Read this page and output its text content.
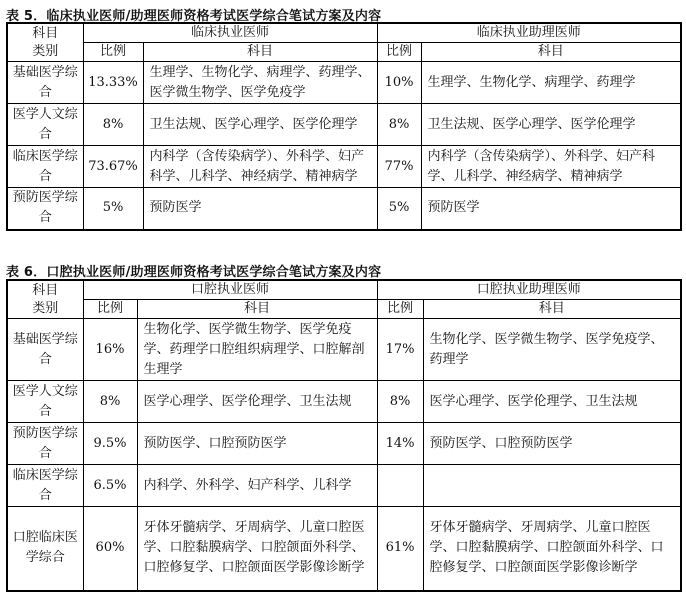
表 5．临床执业医师/助理医师资格考试医学综合笔试方案及内容
科目
类别	临床执业医师		临床执业助理医师	
	比例	科目	比例	科目
基础医学综合	13.33%	生理学、生物化学、病理学、药理学、医学微生物学、医学免疫学	10%	生理学、生物化学、病理学、药理学
医学人文综合	8%	卫生法规、医学心理学、医学伦理学	8%	卫生法规、医学心理学、医学伦理学
临床医学综合	73.67%	内科学（含传染病学）、外科学、妇产科学、儿科学、神经病学、精神病学	77%	内科学（含传染病学）、外科学、妇产科学、儿科学、神经病学、精神病学
预防医学综合	5%	预防医学	5%	预防医学
表 6．口腔执业医师/助理医师资格考试医学综合笔试方案及内容
科目
类别	口腔执业医师		口腔执业助理医师	
	比例	科目	比例	科目
基础医学综合	16%	生物化学、医学微生物学、医学免疫学、药理学口腔组织病理学、口腔解剖生理学	17%	生物化学、医学微生物学、医学免疫学、药理学
医学人文综合	8%	医学心理学、医学伦理学、卫生法规	8%	医学心理学、医学伦理学、卫生法规
预防医学综合	9.5%	预防医学、口腔预防医学	14%	预防医学、口腔预防医学
临床医学综合	6.5%	内科学、外科学、妇产科学、儿科学		
口腔临床医学综合	60%	牙体牙髓病学、牙周病学、儿童口腔医学、口腔黏膜病学、口腔颌面外科学、口腔修复学、口腔颌面医学影像诊断学	61%	牙体牙髓病学、牙周病学、儿童口腔医学、口腔黏膜病学、口腔颌面外科学、口腔修复学、口腔颌面医学影像诊断学
